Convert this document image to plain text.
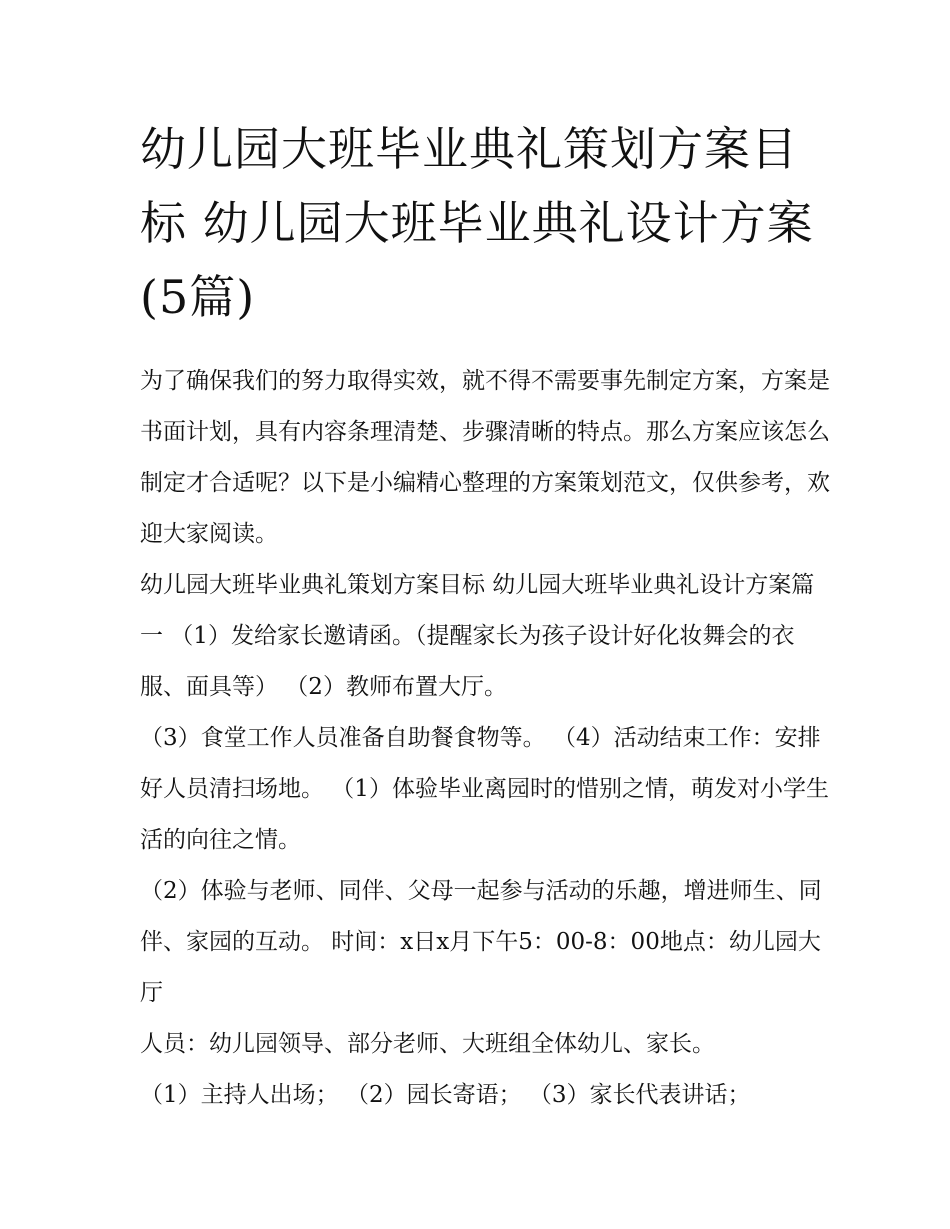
幼儿园大班毕业典礼策划方案目标 幼儿园大班毕业典礼设计方案(5篇)

为了确保我们的努力取得实效，就不得不需要事先制定方案，方案是书面计划，具有内容条理清楚、步骤清晰的特点。那么方案应该怎么制定才合适呢？以下是小编精心整理的方案策划范文，仅供参考，欢迎大家阅读。

幼儿园大班毕业典礼策划方案目标 幼儿园大班毕业典礼设计方案篇一 （1）发给家长邀请函。（提醒家长为孩子设计好化妆舞会的衣服、面具等） （2）教师布置大厅。

（3）食堂工作人员准备自助餐食物等。 （4）活动结束工作：安排好人员清扫场地。 （1）体验毕业离园时的惜别之情，萌发对小学生活的向往之情。

（2）体验与老师、同伴、父母一起参与活动的乐趣，增进师生、同伴、家园的互动。 时间：x日x月下午5：00-8：00地点：幼儿园大厅

人员：幼儿园领导、部分老师、大班组全体幼儿、家长。

（1）主持人出场； （2）园长寄语； （3）家长代表讲话；
